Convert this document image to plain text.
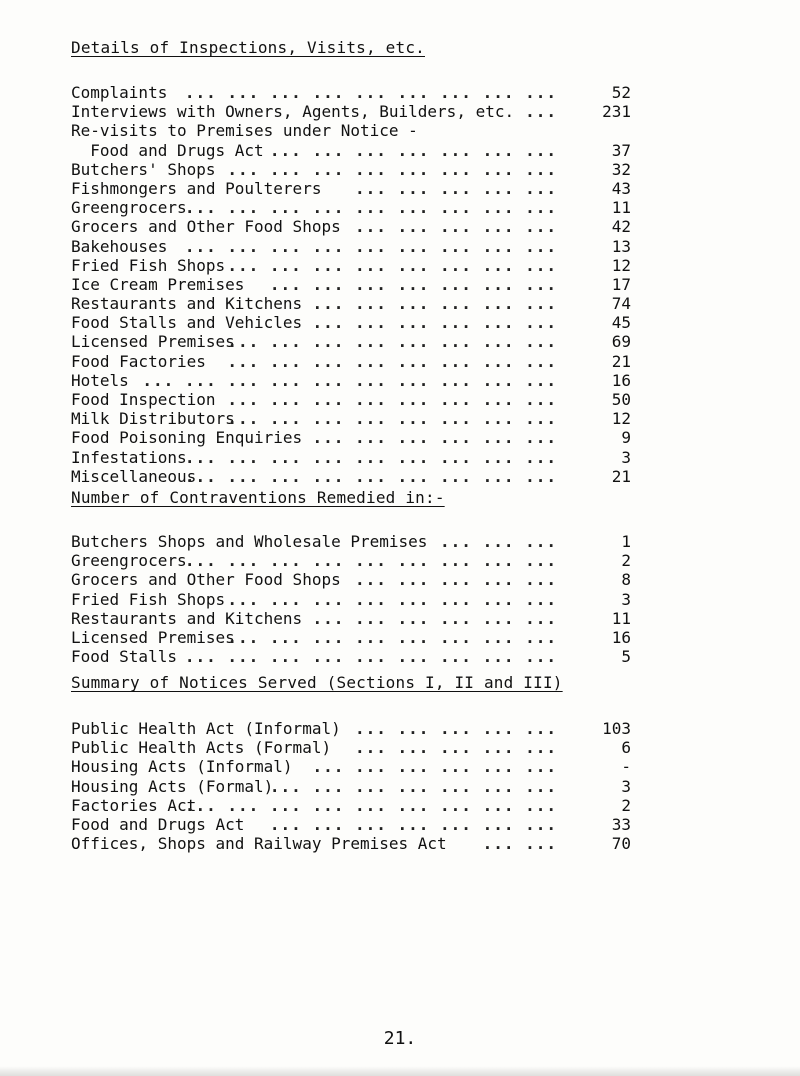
Details of Inspections, Visits, etc.
Complaints	52
... ... ... ... ... ... ... ... ...
Interviews with Owners, Agents, Builders, etc.	231
...
Re-visits to Premises under Notice -
Food and Drugs Act	37
... ... ... ... ... ... ...
Butchers' Shops	32
... ... ... ... ... ... ... ...
Fishmongers and Poulterers	43
... ... ... ... ...
Greengrocers	11
... ... ... ... ... ... ... ... ...
Grocers and Other Food Shops	42
... ... ... ... ...
Bakehouses	13
... ... ... ... ... ... ... ... ...
Fried Fish Shops	12
... ... ... ... ... ... ... ...
Ice Cream Premises	17
... ... ... ... ... ... ...
Restaurants and Kitchens	74
... ... ... ... ... ...
Food Stalls and Vehicles	45
... ... ... ... ... ...
Licensed Premises	69
... ... ... ... ... ... ... ...
Food Factories	21
... ... ... ... ... ... ... ...
Hotels	16
... ... ... ... ... ... ... ... ... ...
Food Inspection	50
... ... ... ... ... ... ... ...
Milk Distributors	12
... ... ... ... ... ... ... ...
Food Poisoning Enquiries	9
... ... ... ... ... ...
Infestations	3
... ... ... ... ... ... ... ... ...
Miscellaneous	21
... ... ... ... ... ... ... ... ...
Number of Contraventions Remedied in:-
Butchers Shops and Wholesale Premises	1
... ... ...
Greengrocers	2
... ... ... ... ... ... ... ... ...
Grocers and Other Food Shops	8
... ... ... ... ...
Fried Fish Shops	3
... ... ... ... ... ... ... ...
Restaurants and Kitchens	11
... ... ... ... ... ...
Licensed Premises	16
... ... ... ... ... ... ... ...
Food Stalls	5
... ... ... ... ... ... ... ... ...
Summary of Notices Served (Sections I, II and III)
Public Health Act (Informal)	103
... ... ... ... ...
Public Health Acts (Formal)	6
... ... ... ... ...
Housing Acts (Informal)	-
... ... ... ... ... ...
Housing Acts (Formal)	3
... ... ... ... ... ... ...
Factories Act	2
... ... ... ... ... ... ... ... ...
Food and Drugs Act	33
... ... ... ... ... ... ...
Offices, Shops and Railway Premises Act	70
... ...
21.
